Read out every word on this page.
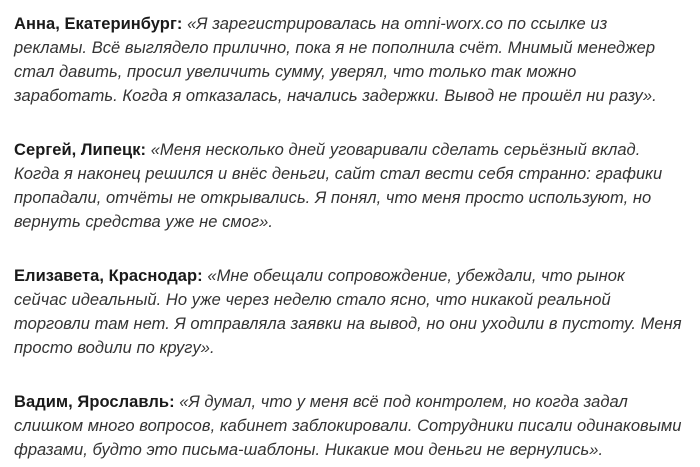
Анна, Екатеринбург: «Я зарегистрировалась на omni-worx.co по ссылке из рекламы. Всё выглядело прилично, пока я не пополнила счёт. Мнимый менеджер стал давить, просил увеличить сумму, уверял, что только так можно заработать. Когда я отказалась, начались задержки. Вывод не прошёл ни разу».

Сергей, Липецк: «Меня несколько дней уговаривали сделать серьёзный вклад. Когда я наконец решился и внёс деньги, сайт стал вести себя странно: графики пропадали, отчёты не открывались. Я понял, что меня просто используют, но вернуть средства уже не смог».

Елизавета, Краснодар: «Мне обещали сопровождение, убеждали, что рынок сейчас идеальный. Но уже через неделю стало ясно, что никакой реальной торговли там нет. Я отправляла заявки на вывод, но они уходили в пустоту. Меня просто водили по кругу».

Вадим, Ярославль: «Я думал, что у меня всё под контролем, но когда задал слишком много вопросов, кабинет заблокировали. Сотрудники писали одинаковыми фразами, будто это письма-шаблоны. Никакие мои деньги не вернулись».
